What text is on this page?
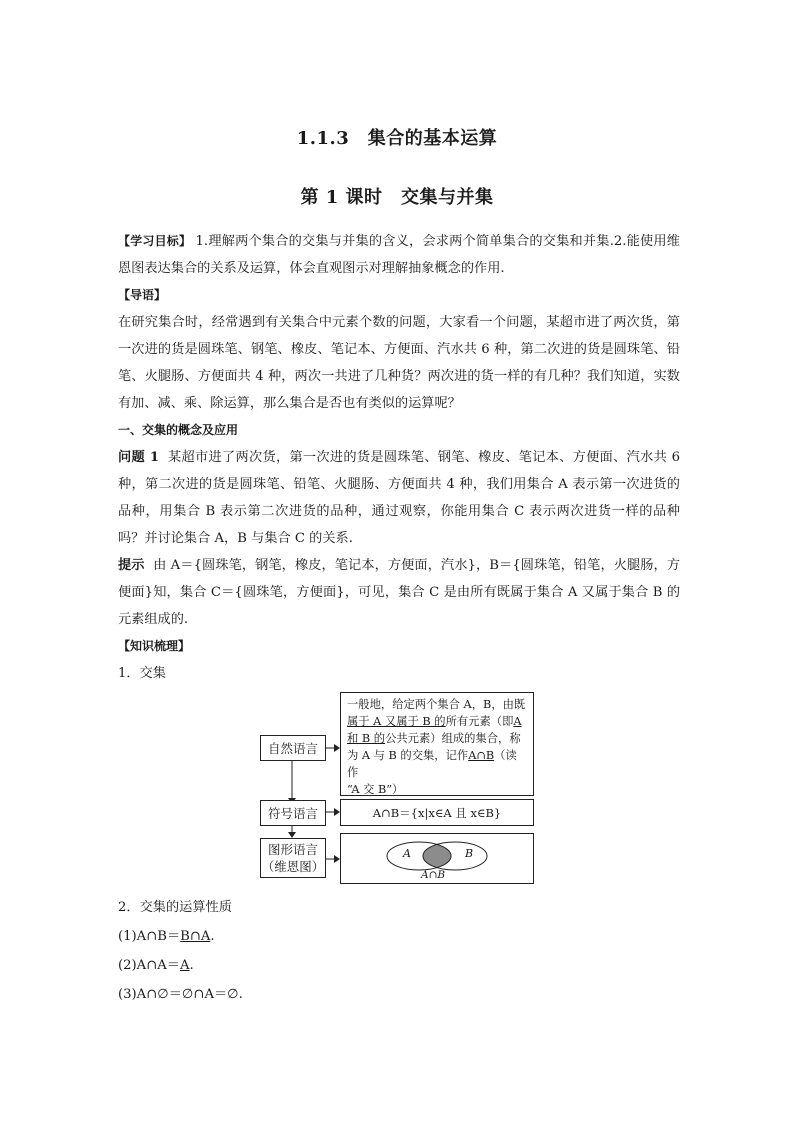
1.1.3　集合的基本运算
第 1 课时　交集与并集

【学习目标】 1.理解两个集合的交集与并集的含义，会求两个简单集合的交集和并集.2.能使用维恩图表达集合的关系及运算，体会直观图示对理解抽象概念的作用.

【导语】

在研究集合时，经常遇到有关集合中元素个数的问题，大家看一个问题，某超市进了两次货，第一次进的货是圆珠笔、钢笔、橡皮、笔记本、方便面、汽水共 6 种，第二次进的货是圆珠笔、铅笔、火腿肠、方便面共 4 种，两次一共进了几种货？两次进的货一样的有几种？我们知道，实数有加、减、乘、除运算，那么集合是否也有类似的运算呢？

一、交集的概念及应用

问题 1 某超市进了两次货，第一次进的货是圆珠笔、钢笔、橡皮、笔记本、方便面、汽水共 6 种，第二次进的货是圆珠笔、铅笔、火腿肠、方便面共 4 种，我们用集合 A 表示第一次进货的品种，用集合 B 表示第二次进货的品种，通过观察，你能用集合 C 表示两次进货一样的品种吗？并讨论集合 A，B 与集合 C 的关系.

提示 由 A＝{圆珠笔，钢笔，橡皮，笔记本，方便面，汽水}，B＝{圆珠笔，铅笔，火腿肠，方便面}知，集合 C＝{圆珠笔，方便面}，可见，集合 C 是由所有既属于集合 A 又属于集合 B 的元素组成的.

【知识梳理】

1．交集

自然语言
一般地，给定两个集合 A，B，由既
属于 A 又属于 B 的所有元素（即A
和 B 的公共元素）组成的集合，称
为 A 与 B 的交集，记作A∩B（读作
“A 交 B”）
符号语言	A∩B＝{x|x∈A 且 x∈B}
图形语言
（维恩图）
A	B
A∩B
2．交集的运算性质
(1)A∩B＝B∩A.
(2)A∩A＝A.
(3)A∩∅＝∅∩A＝∅.
